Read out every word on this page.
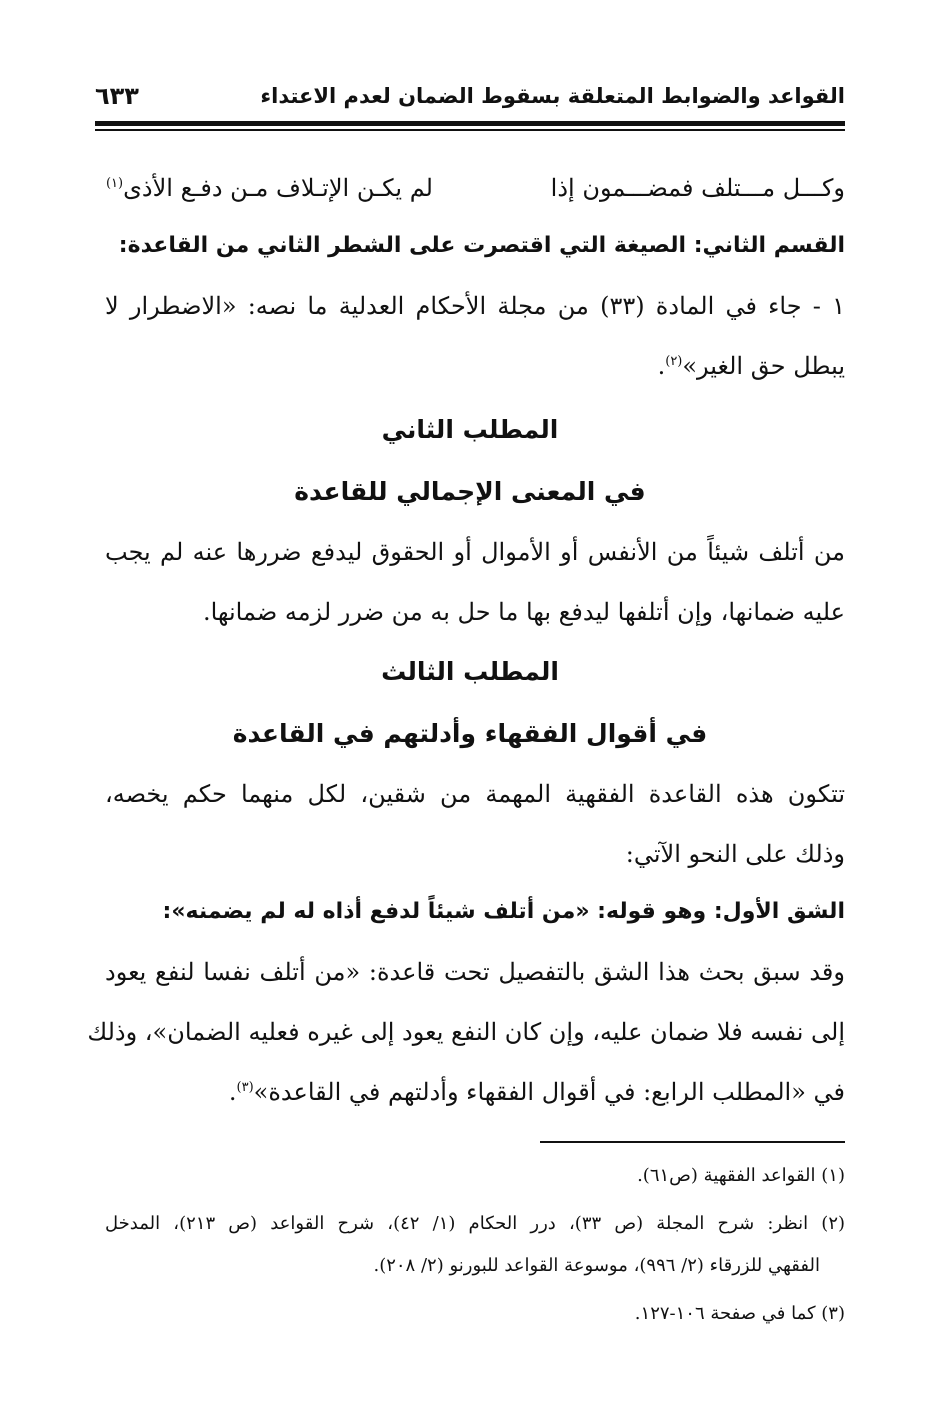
القواعد والضوابط المتعلقة بسقوط الضمان لعدم الاعتداء
٦٣٣
وكـــل مـــتلف فمضـــمون إذا
لم يكـن الإتـلاف مـن دفـع الأذى$^{(١)}$
القسم الثاني: الصيغة التي اقتصرت على الشطر الثاني من القاعدة:
١ - جاء في المادة (٣٣) من مجلة الأحكام العدلية ما نصه: «الاضطرار لا
يبطل حق الغير»$^{(٢)}$.
المطلب الثاني
في المعنى الإجمالي للقاعدة
من أتلف شيئاً من الأنفس أو الأموال أو الحقوق ليدفع ضررها عنه لم يجب
عليه ضمانها، وإن أتلفها ليدفع بها ما حل به من ضرر لزمه ضمانها.
المطلب الثالث
في أقوال الفقهاء وأدلتهم في القاعدة
تتكون هذه القاعدة الفقهية المهمة من شقين، لكل منهما حكم يخصه،
وذلك على النحو الآتي:
الشق الأول: وهو قوله: «من أتلف شيئاً لدفع أذاه له لم يضمنه»:
وقد سبق بحث هذا الشق بالتفصيل تحت قاعدة: «من أتلف نفسا لنفع يعود
إلى نفسه فلا ضمان عليه، وإن كان النفع يعود إلى غيره فعليه الضمان»، وذلك
في «المطلب الرابع: في أقوال الفقهاء وأدلتهم في القاعدة»$^{(٣)}$.
(١) القواعد الفقهية (ص٦١).
(٢) انظر: شرح المجلة (ص ٣٣)، درر الحكام (١/ ٤٢)، شرح القواعد (ص ٢١٣)، المدخل
الفقهي للزرقاء (٢/ ٩٩٦)، موسوعة القواعد للبورنو (٢/ ٢٠٨).
(٣) كما في صفحة ١٠٦-١٢٧.
